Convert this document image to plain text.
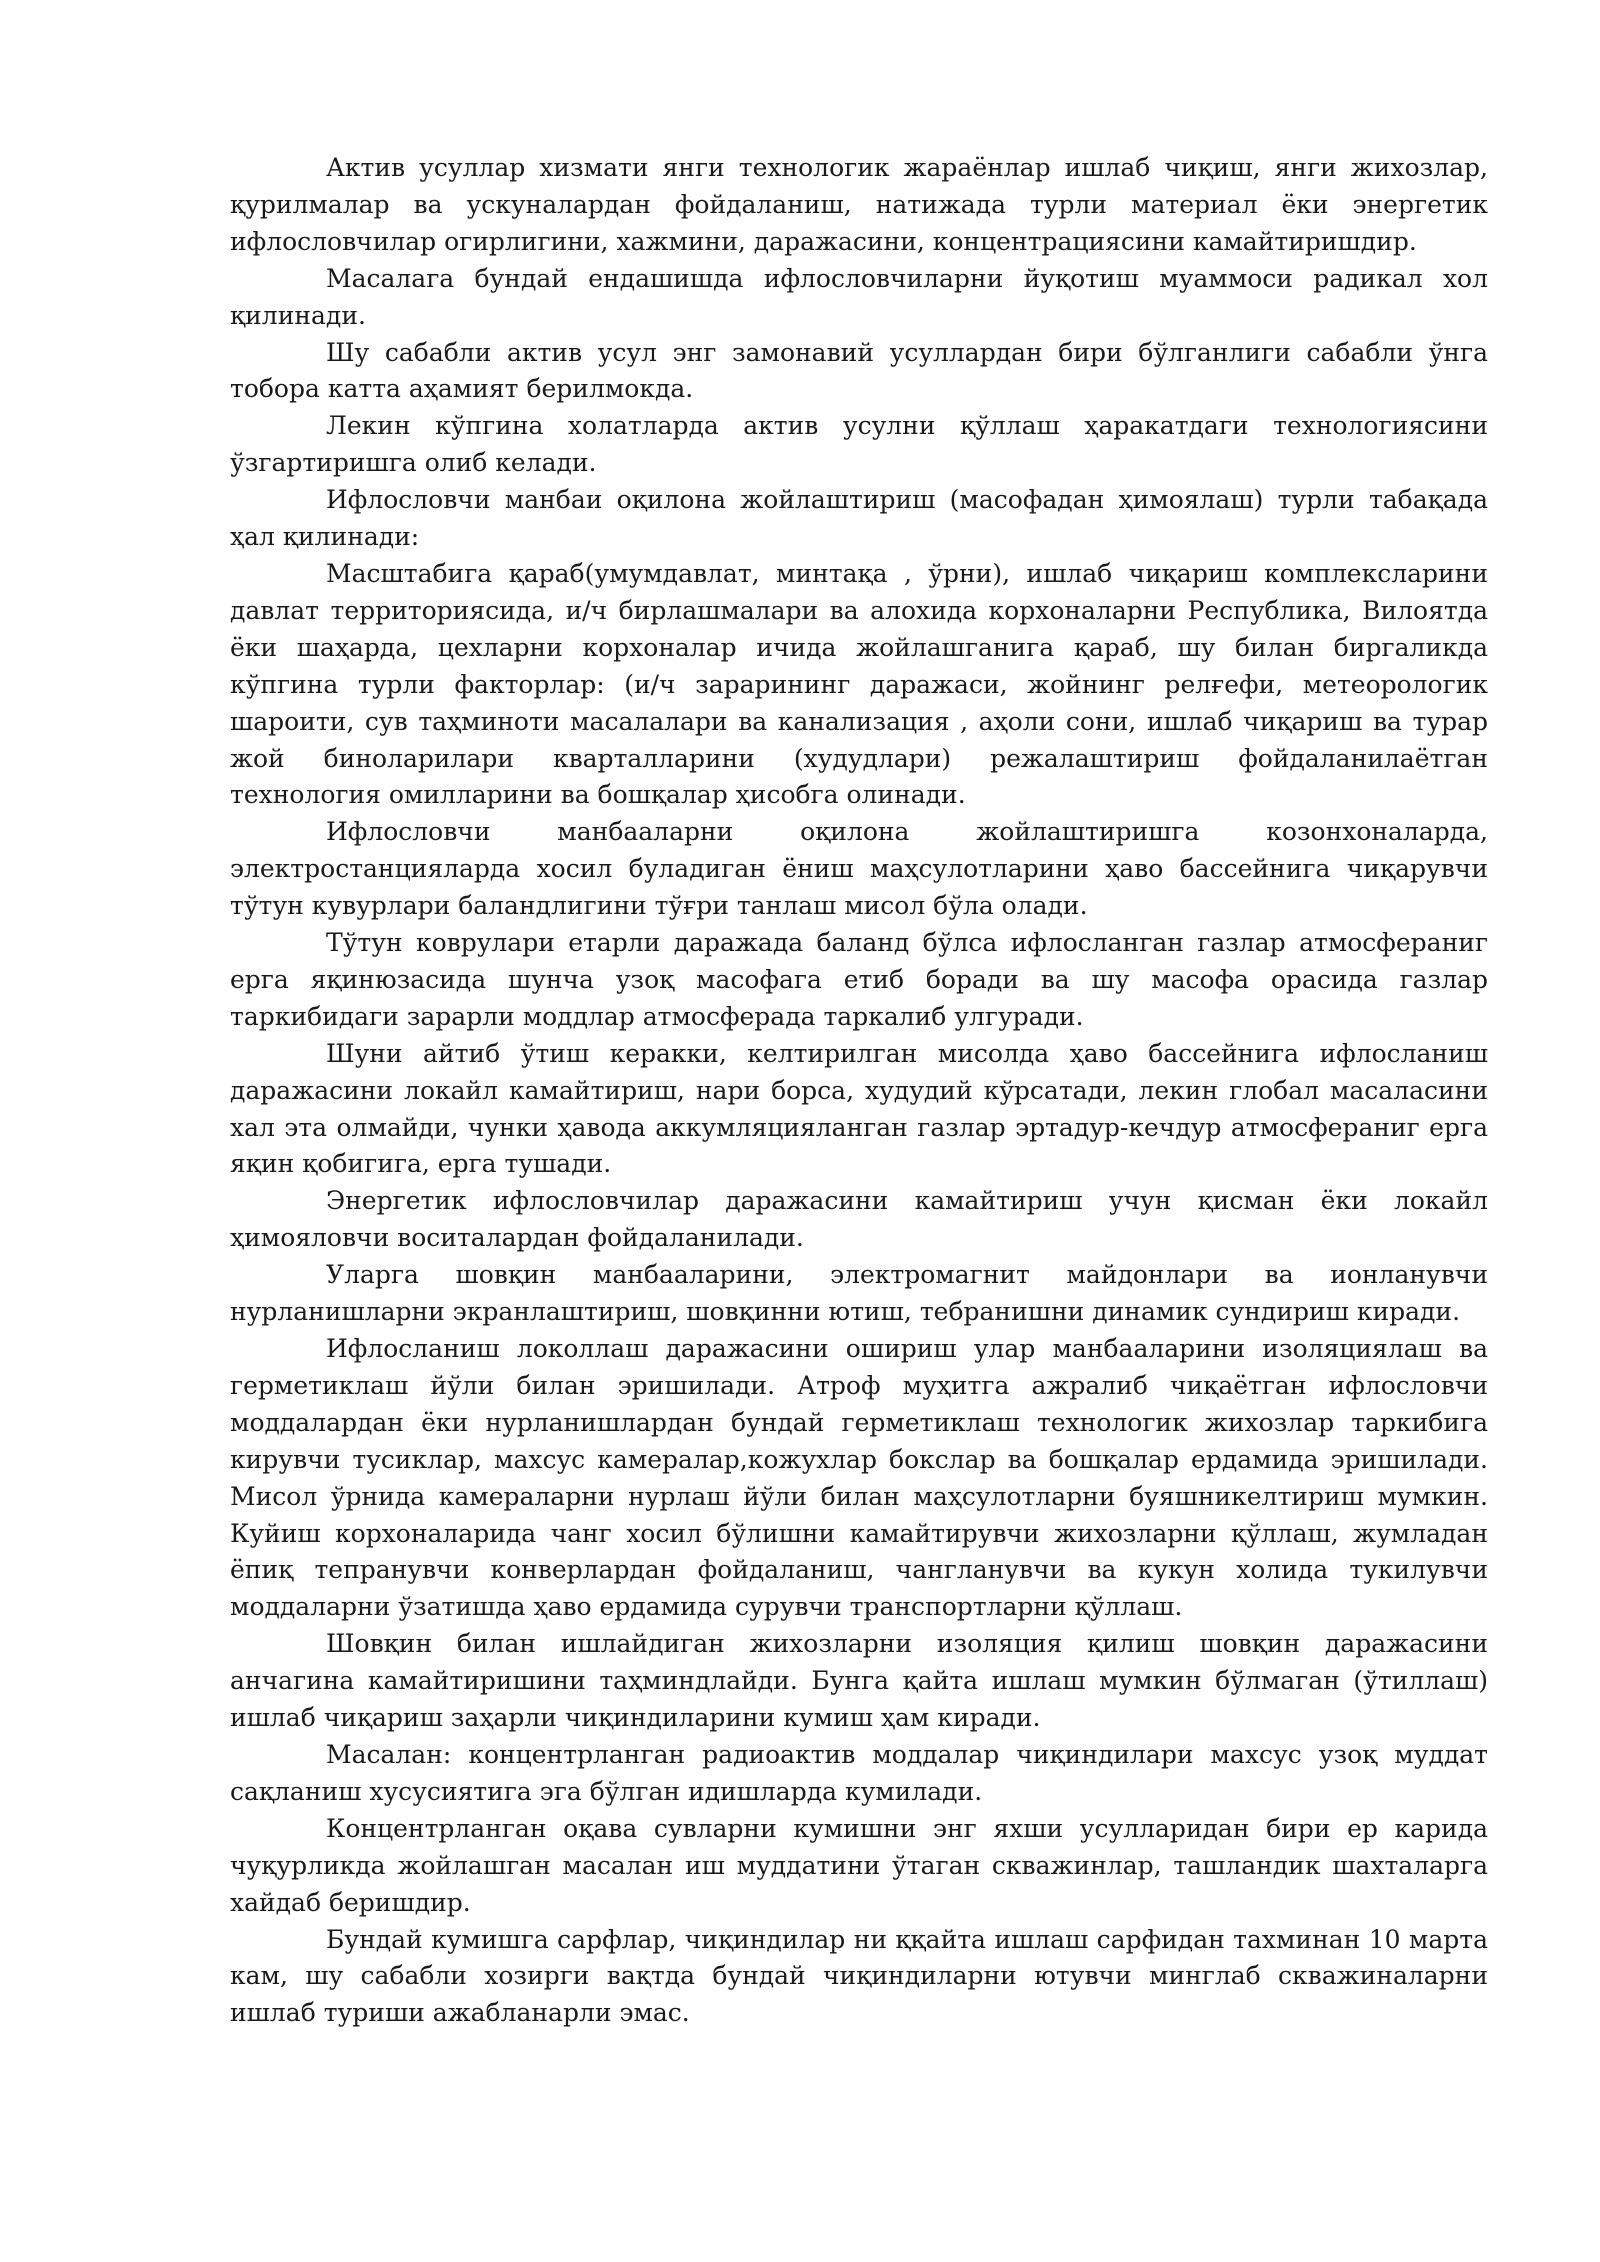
Актив усуллар хизмати янги технологик жараёнлар ишлаб чиқиш, янги жихозлар, қурилмалар ва ускуналардан фойдаланиш, натижада турли материал ёки энергетик ифлословчилар огирлигини, хажмини, даражасини, концентрациясини камайтиришдир.

Масалага бундай ендашишда ифлословчиларни йуқотиш муаммоси радикал хол қилинади.

Шу сабабли актив усул энг замонавий усуллардан бири бўлганлиги сабабли ўнга тобора катта аҳамият берилмокда.

Лекин кўпгина холатларда актив усулни қўллаш ҳаракатдаги технологиясини ўзгартиришга олиб келади.

Ифлословчи манбаи оқилона жойлаштириш (масофадан ҳимоялаш) турли табақада ҳал қилинади:

Масштабига қараб(умумдавлат, минтақа , ўрни), ишлаб чиқариш комплексларини давлат территориясида, и/ч бирлашмалари ва алохида корхоналарни Республика, Вилоятда ёки шаҳарда, цехларни корхоналар ичида жойлашганига қараб, шу билан биргаликда кўпгина турли факторлар: (и/ч зарарининг даражаси, жойнинг релғефи, метеорологик шароити, сув таҳминоти масалалари ва канализация , аҳоли сони, ишлаб чиқариш ва турар жой биноларилари кварталларини (худудлари) режалаштириш фойдаланилаётган технология омилларини ва бошқалар ҳисобга олинади.

Ифлословчи манбааларни оқилона жойлаштиришга козонхоналарда, электростанцияларда хосил буладиган ёниш маҳсулотларини ҳаво бассейнига чиқарувчи тўтун кувурлари баландлигини тўғри танлаш мисол бўла олади.

Тўтун коврулари етарли даражада баланд бўлса ифлосланган газлар атмосфераниг ерга яқинюзасида шунча узоқ масофага етиб боради ва шу масофа орасида газлар таркибидаги зарарли моддлар атмосферада таркалиб улгуради.

Шуни айтиб ўтиш керакки, келтирилган мисолда ҳаво бассейнига ифлосланиш даражасини локайл камайтириш, нари борса, худудий кўрсатади, лекин глобал масаласини хал эта олмайди, чунки ҳаводa аккумляцияланган газлар эртадур-кечдур атмосфераниг ерга яқин қобигига, ерга тушади.

Энергетик ифлословчилар даражасини камайтириш учун қисман ёки локайл ҳимояловчи воситалардан фойдаланилади.

Уларга шовқин манбааларини, электромагнит майдонлари ва ионланувчи нурланишларни экранлаштириш, шовқинни ютиш, тебранишни динамик сундириш киради.

Ифлосланиш локоллаш даражасини ошириш улар манбааларини изоляциялаш ва герметиклаш йўли билан эришилади. Атроф муҳитга ажралиб чиқаётган ифлословчи моддалардан ёки нурланишлардан бундай герметиклаш технологик жихозлар таркибига кирувчи тусиклар, махсус камералар,кожухлар бокслар ва бошқалар ердамида эришилади. Мисол ўрнида камераларни нурлаш йўли билан маҳсулотларни буяшникелтириш мумкин. Куйиш корхоналарида чанг хосил бўлишни камайтирувчи жихозларни қўллаш, жумладан ёпиқ тепранувчи конверлардан фойдаланиш, чангланувчи ва кукун холида тукилувчи моддаларни ўзатишда ҳаво ердамида сурувчи транспортларни қўллаш.

Шовқин билан ишлайдиган жихозларни изоляция қилиш шовқин даражасини анчагина камайтиришини таҳминдлайди. Бунга қайта ишлаш мумкин бўлмаган (ўтиллаш) ишлаб чиқариш заҳарли чиқиндиларини кумиш ҳам киради.

Масалан: концентрланган радиоактив моддалар чиқиндилари махсус узоқ муддат сақланиш хусусиятига эга бўлган идишларда кумилади.

Концентрланган оқава сувларни кумишни энг яхши усулларидан бири ер карида чуқурликда жойлашган масалан иш муддатини ўтаган скважинлар, ташландик шахталарга хайдаб беришдир.

Бундай кумишга сарфлар, чиқиндилар ни ққайта ишлаш сарфидан тахминан 10 марта кам, шу сабабли хозирги вақтда бундай чиқиндиларни ютувчи минглаб скважиналарни ишлаб туриши ажабланарли эмас.
